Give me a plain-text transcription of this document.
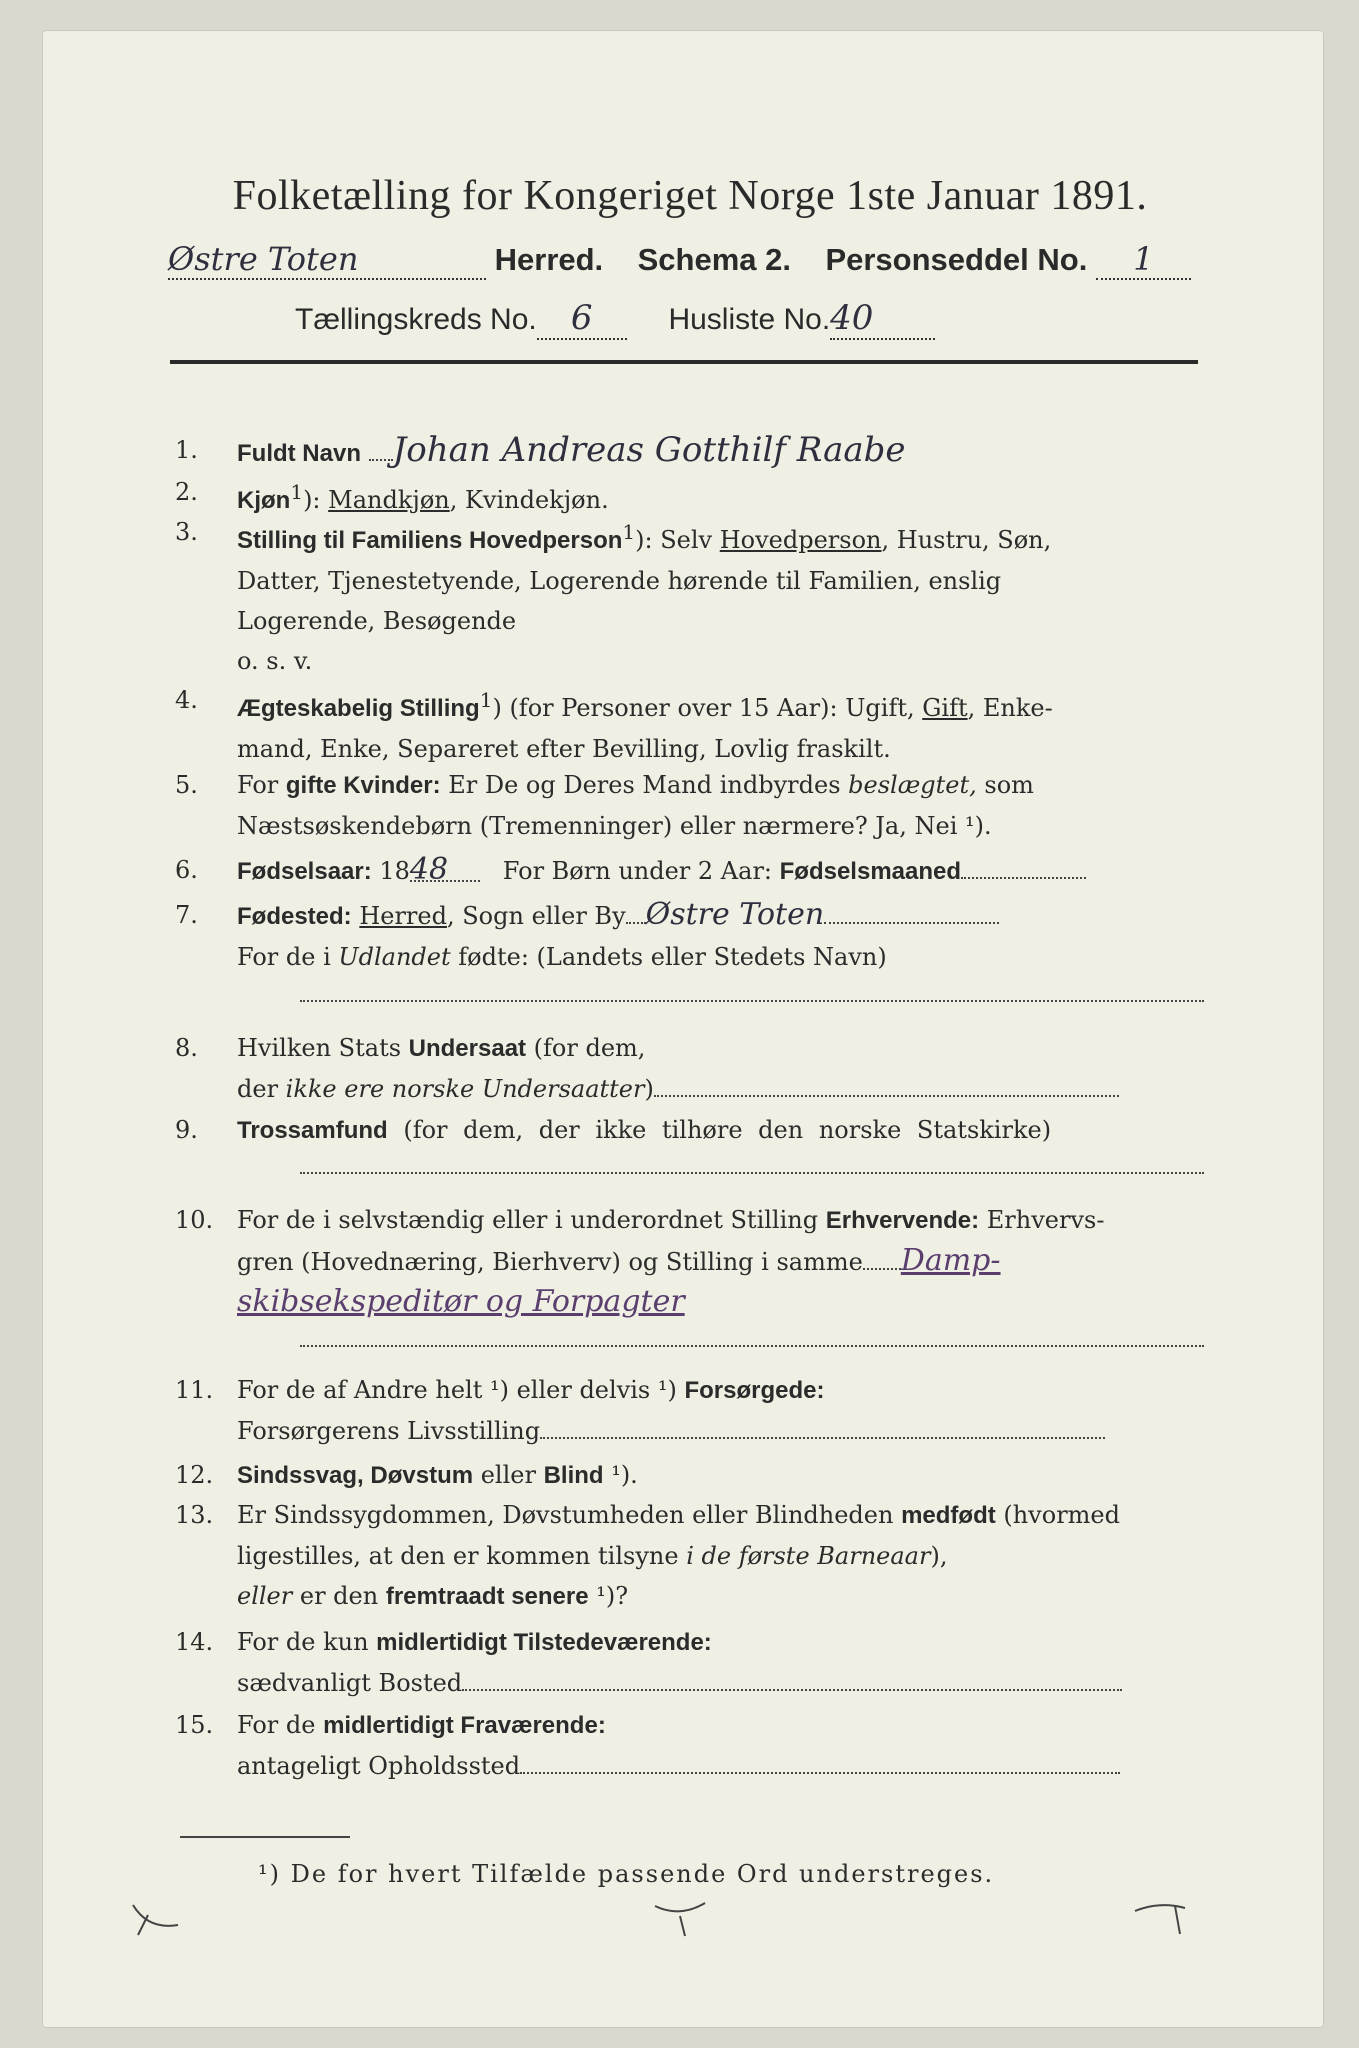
Folketælling for Kongeriget Norge 1ste Januar 1891.
Østre Toten	Herred. Schema 2. Personseddel No. 1
Tællingskreds No. 6	Husliste No.40
1.	Fuldt Navn Johan Andreas Gotthilf Raabe
2.	Kjøn$^1$): Mandkjøn, Kvindekjøn.
3.	Stilling til Familiens Hovedperson$^1$): Selv Hovedperson, Hustru, Søn,
Datter, Tjenestetyende, Logerende hørende til Familien, enslig
Logerende, Besøgende
o. s. v.
4.	Ægteskabelig Stilling$^1$) (for Personer over 15 Aar): Ugift, Gift, Enke-
mand, Enke, Separeret efter Bevilling, Lovlig fraskilt.
5.	For gifte Kvinder: Er De og Deres Mand indbyrdes beslægtet, som
Næstsøskendebørn (Tremenninger) eller nærmere? Ja, Nei ¹).
6.	Fødselsaar: 1848 For Børn under 2 Aar: Fødselsmaaned
7.	Fødested: Herred, Sogn eller By Østre Toten
For de i Udlandet fødte: (Landets eller Stedets Navn)
8.	Hvilken Stats Undersaat (for dem,
der ikke ere norske Undersaatter)
9.	Trossamfund (for dem, der ikke tilhøre den norske Statskirke)
10. For de i selvstændig eller i underordnet Stilling Erhvervende: Erhvervs-
gren (Hovednæring, Bierhverv) og Stilling i samme Damp-
skibsekspeditør og Forpagter
11. For de af Andre helt ¹) eller delvis ¹) Forsørgede:
Forsørgerens Livsstilling
12. Sindssvag, Døvstum eller Blind ¹).
13. Er Sindssygdommen, Døvstumheden eller Blindheden medfødt (hvormed
ligestilles, at den er kommen tilsyne i de første Barneaar),
eller er den fremtraadt senere ¹)?
14. For de kun midlertidigt Tilstedeværende:
sædvanligt Bosted
15. For de midlertidigt Fraværende:
antageligt Opholdssted
¹) De for hvert Tilfælde passende Ord understreges.
